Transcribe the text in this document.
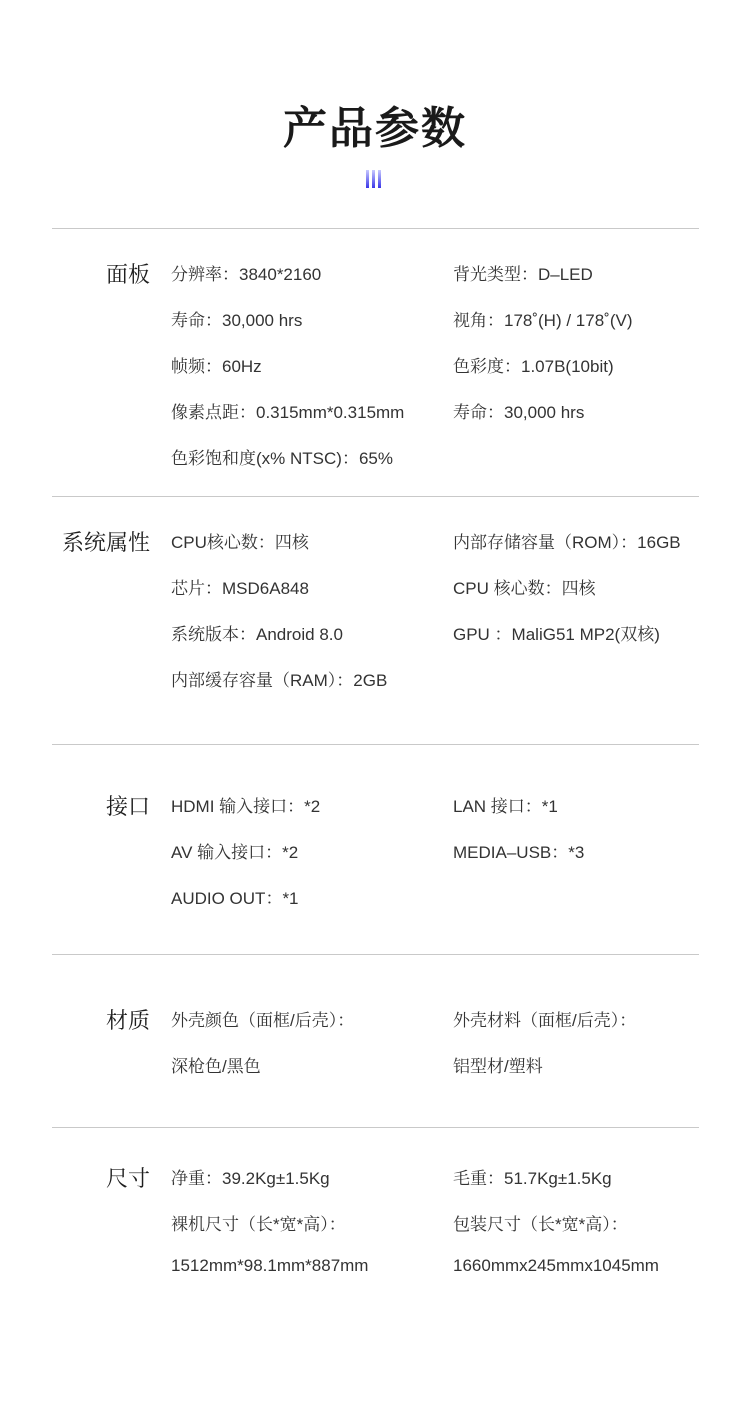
产品参数
面板 分辨率：3840*2160
寿命：30,000 hrs
帧频：60Hz
像素点距：0.315mm*0.315mm
色彩饱和度(x% NTSC)：65%
背光类型：D–LED
视角：178˚(H) / 178˚(V)
色彩度：1.07B(10bit)
寿命：30,000 hrs
系统属性 CPU核心数：四核
芯片：MSD6A848
系统版本：Android 8.0
内部缓存容量（RAM）：2GB
内部存储容量（ROM）：16GB
CPU 核心数：四核
GPU ：MaliG51 MP2(双核)
接口 HDMI 输入接口：*2
AV 输入接口：*2
AUDIO OUT：*1
LAN 接口：*1
MEDIA–USB：*3
材质 外壳颜色（面框/后壳）：
深枪色/黑色
外壳材料（面框/后壳）：
铝型材/塑料
尺寸 净重：39.2Kg±1.5Kg
裸机尺寸（长*宽*高）：
1512mm*98.1mm*887mm
毛重：51.7Kg±1.5Kg
包装尺寸（长*宽*高）：
1660mmx245mmx1045mm
